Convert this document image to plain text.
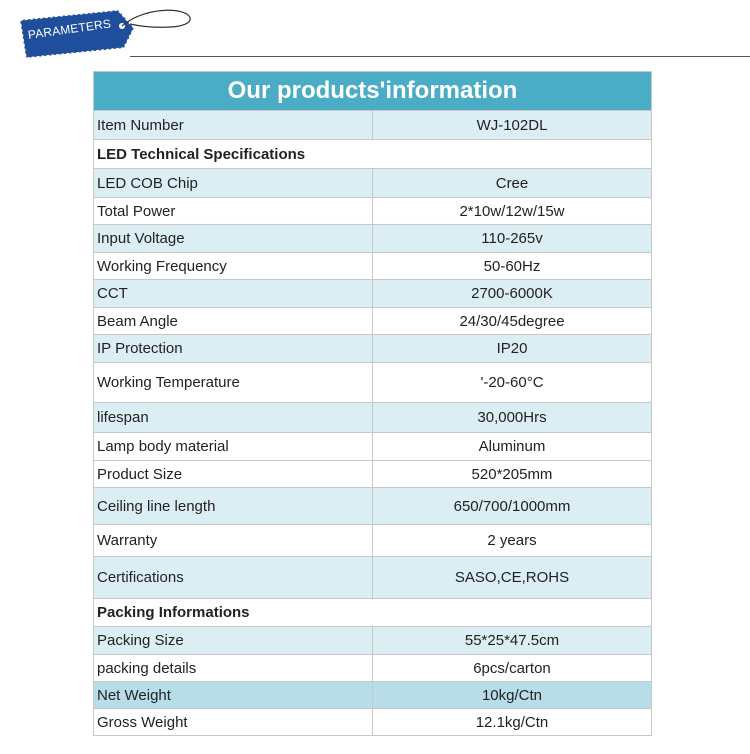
PARAMETERS
Our products'information	
Item Number	WJ-102DL
LED Technical Specifications	
LED COB Chip	Cree
Total Power	2*10w/12w/15w
Input Voltage	110-265v
Working Frequency	50-60Hz
CCT	2700-6000K
Beam Angle	24/30/45degree
IP Protection	IP20
Working Temperature	'-20-60°C
lifespan	30,000Hrs
Lamp body material	Aluminum
Product Size	520*205mm
Ceiling line length	650/700/1000mm
Warranty	2 years
Certifications	SASO,CE,ROHS
Packing Informations	
Packing Size	55*25*47.5cm
packing details	6pcs/carton
Net Weight	10kg/Ctn
Gross Weight	12.1kg/Ctn
